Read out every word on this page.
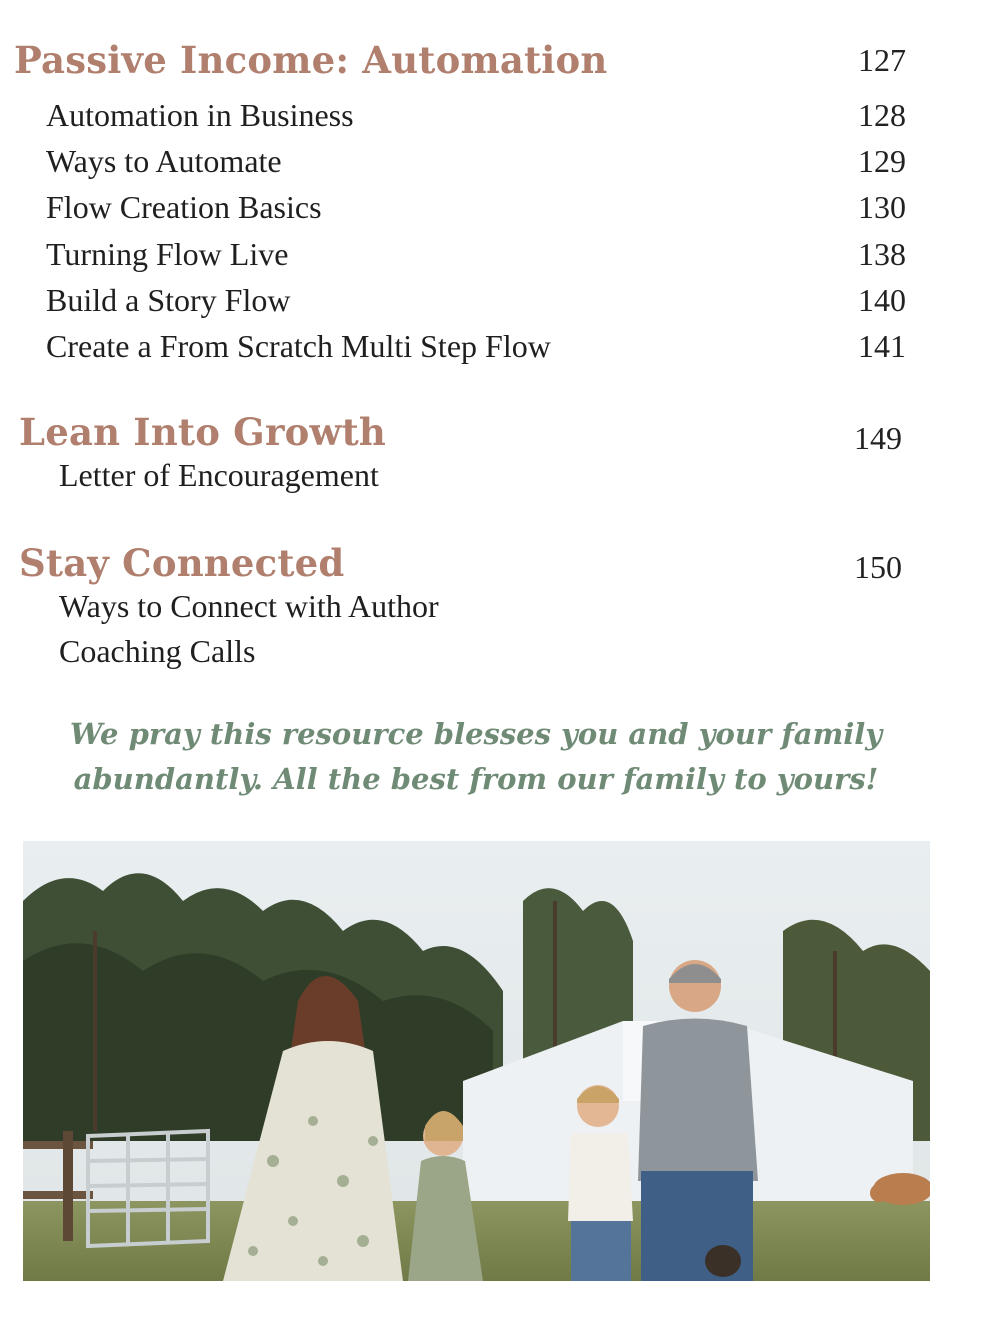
Passive Income: Automation	127
Automation in Business	128
Ways to Automate	129
Flow Creation Basics	130
Turning Flow Live	138
Build a Story Flow	140
Create a From Scratch Multi Step Flow	141
Lean Into Growth	149
Letter of Encouragement
Stay Connected	150
Ways to Connect with Author
Coaching Calls
We pray this resource blesses you and your family
abundantly. All the best from our family to yours!
